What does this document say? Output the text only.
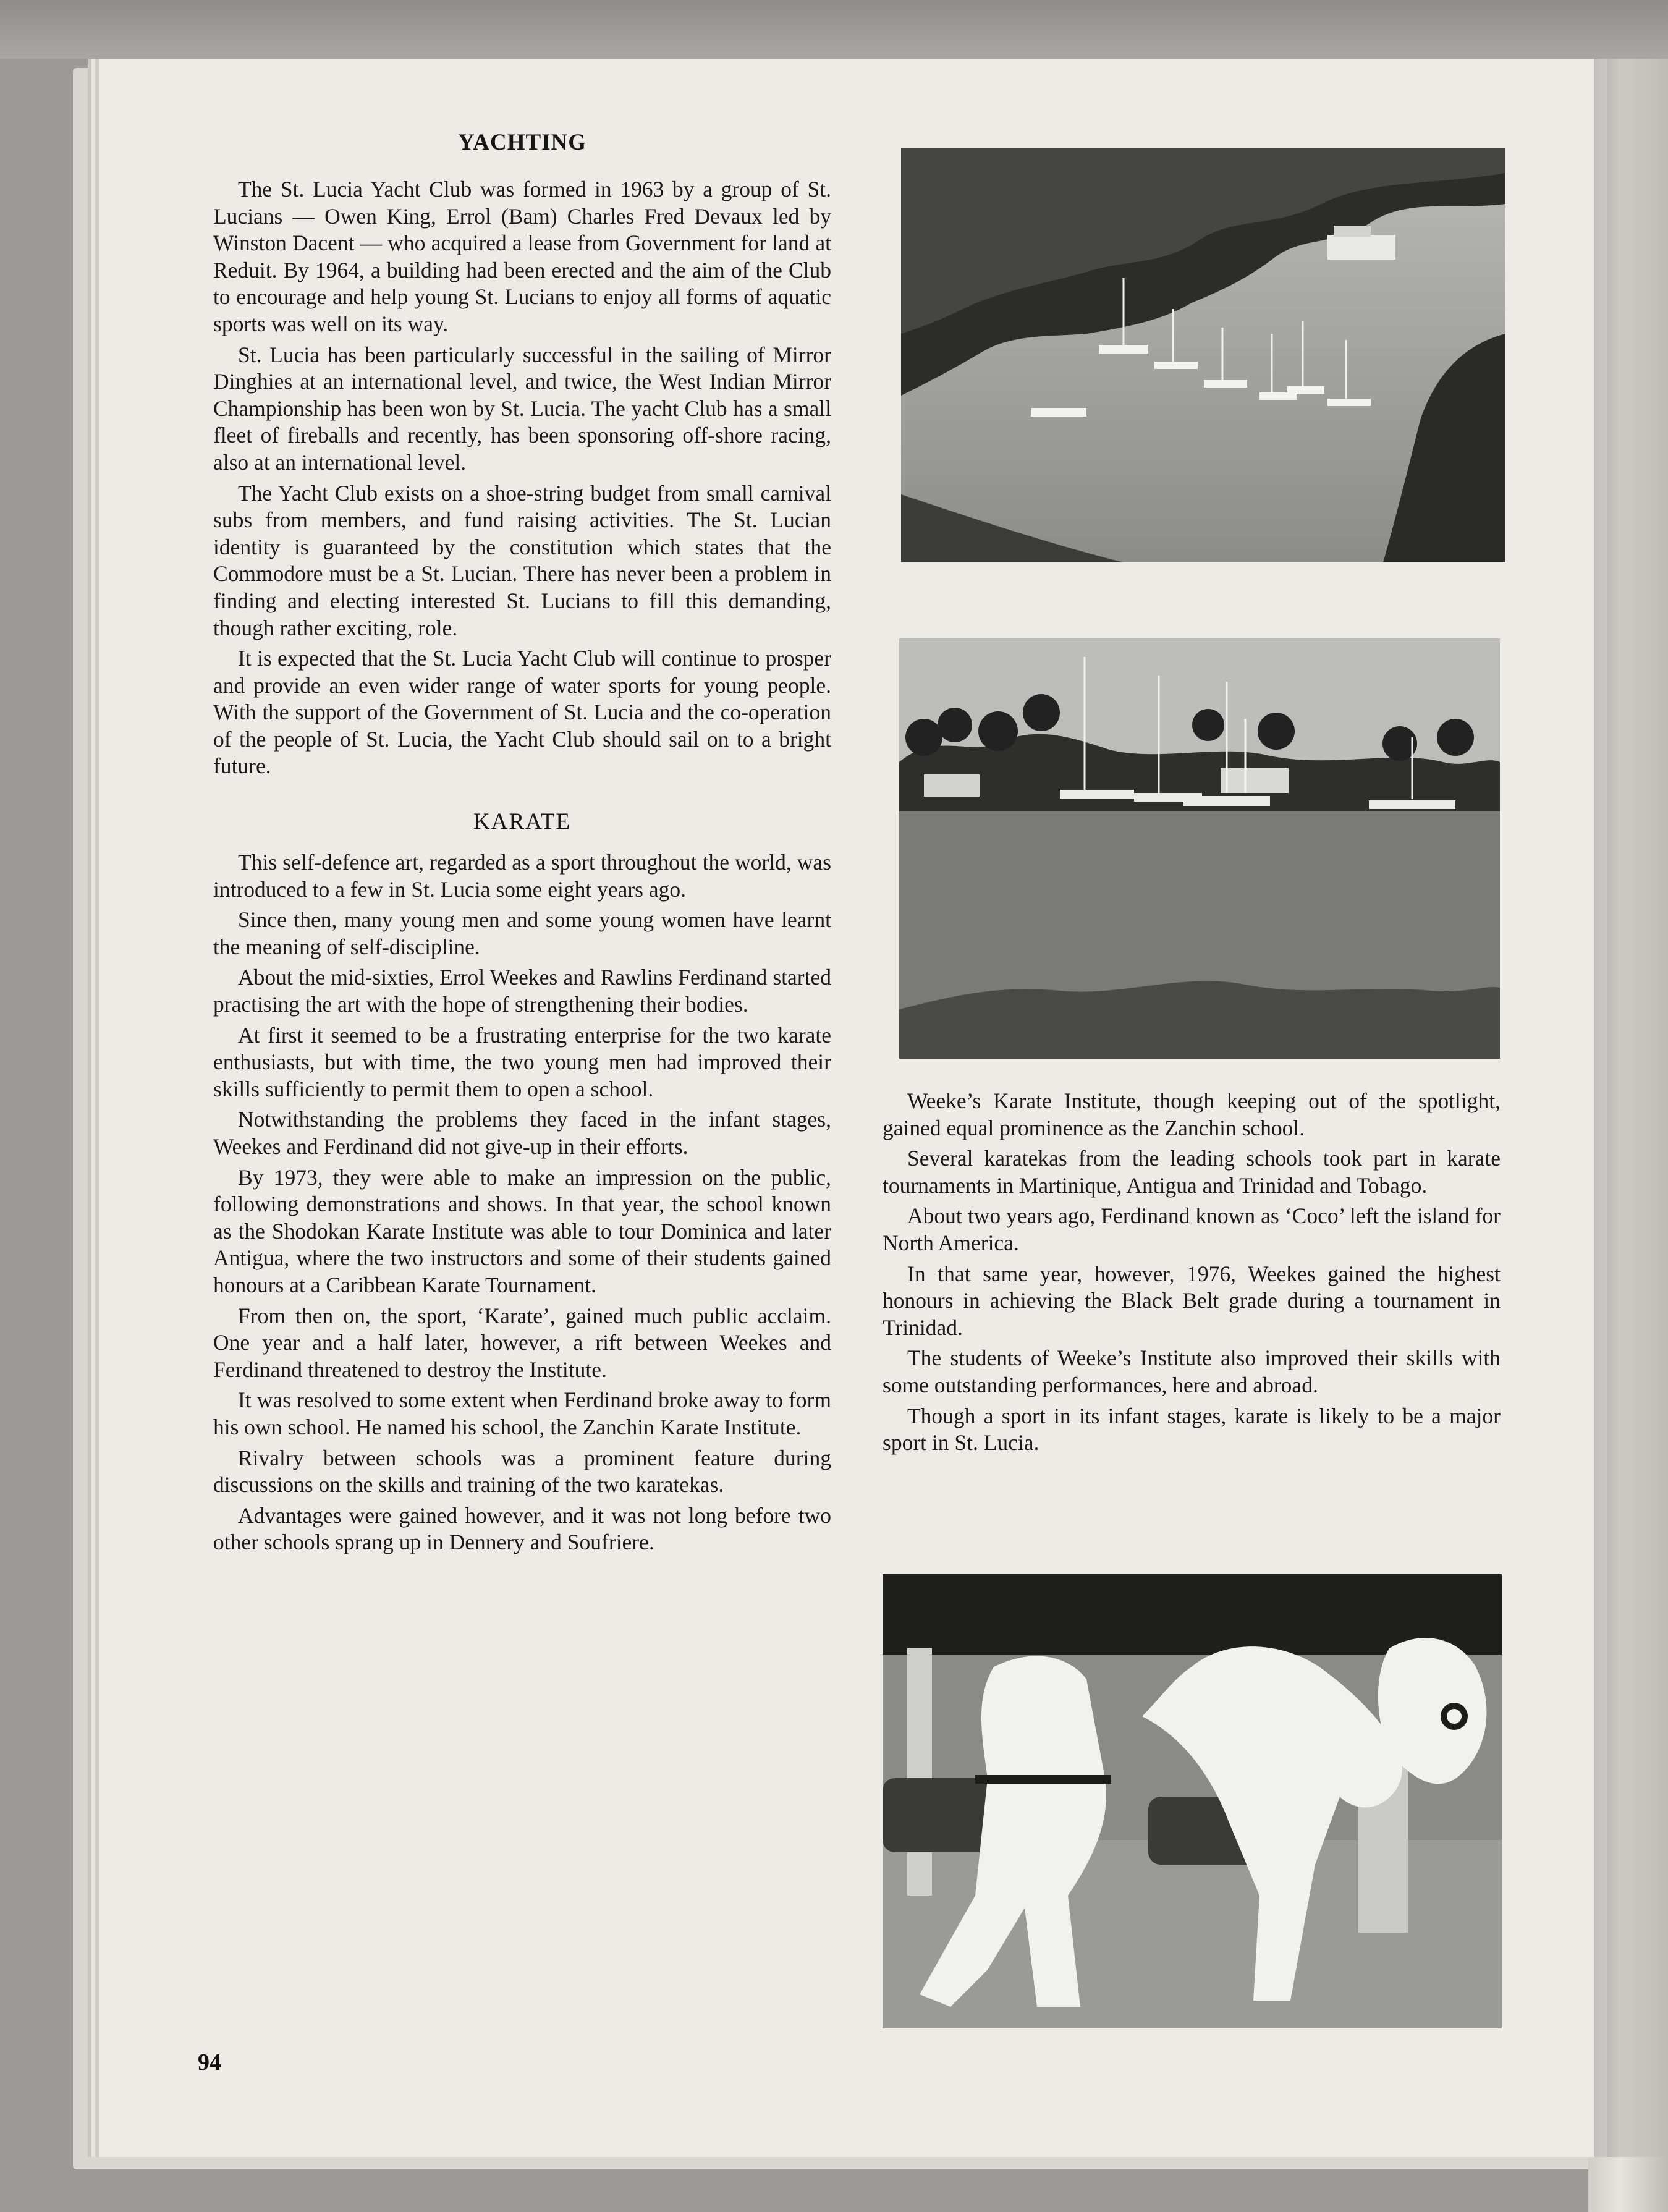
YACHTING

The St. Lucia Yacht Club was formed in 1963 by a group of St. Lucians — Owen King, Errol (Bam) Charles Fred Devaux led by Winston Dacent — who acquired a lease from Government for land at Reduit. By 1964, a building had been erected and the aim of the Club to encourage and help young St. Lucians to enjoy all forms of aquatic sports was well on its way.

St. Lucia has been particularly successful in the sailing of Mirror Dinghies at an international level, and twice, the West Indian Mirror Championship has been won by St. Lucia. The yacht Club has a small fleet of fireballs and recently, has been sponsoring off-shore racing, also at an international level.

The Yacht Club exists on a shoe-string budget from small carnival subs from members, and fund raising activities. The St. Lucian identity is guaranteed by the constitution which states that the Commodore must be a St. Lucian. There has never been a problem in finding and electing interested St. Lucians to fill this demanding, though rather exciting, role.

It is expected that the St. Lucia Yacht Club will continue to prosper and provide an even wider range of water sports for young people. With the support of the Government of St. Lucia and the co-operation of the people of St. Lucia, the Yacht Club should sail on to a bright future.

KARATE

This self-defence art, regarded as a sport throughout the world, was introduced to a few in St. Lucia some eight years ago.

Since then, many young men and some young women have learnt the meaning of self-discipline.

About the mid-sixties, Errol Weekes and Rawlins Ferdinand started practising the art with the hope of strengthening their bodies.

At first it seemed to be a frustrating enterprise for the two karate enthusiasts, but with time, the two young men had improved their skills sufficiently to permit them to open a school.

Notwithstanding the problems they faced in the infant stages, Weekes and Ferdinand did not give-up in their efforts.

By 1973, they were able to make an impression on the public, following demonstrations and shows. In that year, the school known as the Shodokan Karate Institute was able to tour Dominica and later Antigua, where the two instructors and some of their students gained honours at a Caribbean Karate Tournament.

From then on, the sport, ‘Karate’, gained much public acclaim. One year and a half later, however, a rift between Weekes and Ferdinand threatened to destroy the Institute.

It was resolved to some extent when Ferdinand broke away to form his own school. He named his school, the Zanchin Karate Institute.

Rivalry between schools was a prominent feature during discussions on the skills and training of the two karatekas.

Advantages were gained however, and it was not long before two other schools sprang up in Dennery and Soufriere.

Weeke’s Karate Institute, though keeping out of the spotlight, gained equal prominence as the Zanchin school.

Several karatekas from the leading schools took part in karate tournaments in Martinique, Antigua and Trinidad and Tobago.

About two years ago, Ferdinand known as ‘Coco’ left the island for North America.

In that same year, however, 1976, Weekes gained the highest honours in achieving the Black Belt grade during a tournament in Trinidad.

The students of Weeke’s Institute also improved their skills with some outstanding performances, here and abroad.

Though a sport in its infant stages, karate is likely to be a major sport in St. Lucia.

94
